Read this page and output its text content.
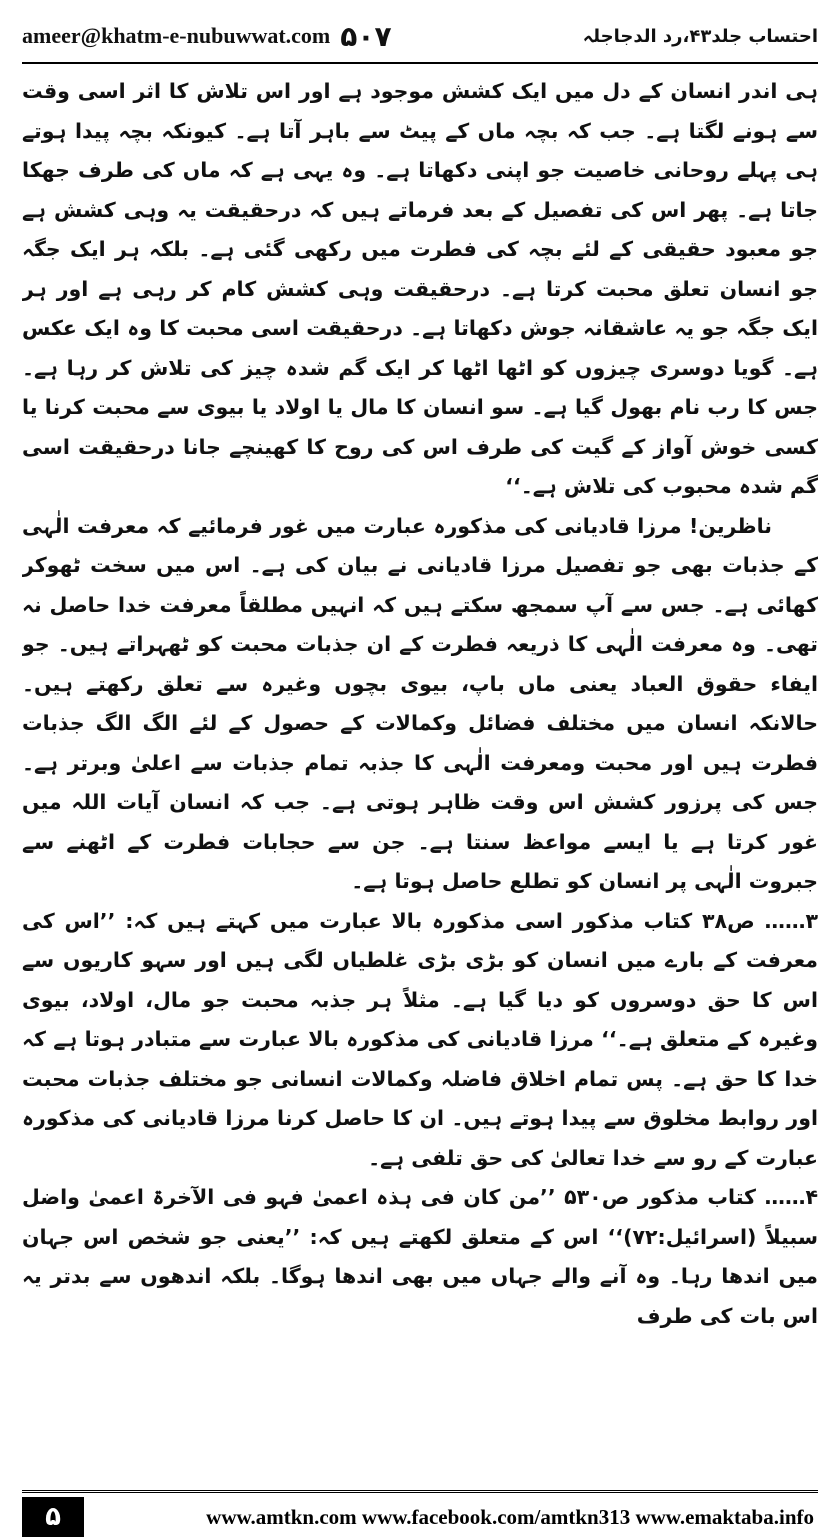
ameer@khatm-e-nubuwwat.com ۵۰۷	احتساب جلد۴۳،رد الدجاجلہ

ہی اندر انسان کے دل میں ایک کشش موجود ہے اور اس تلاش کا اثر اسی وقت سے ہونے لگتا ہے۔ جب کہ بچہ ماں کے پیٹ سے باہر آتا ہے۔ کیونکہ بچہ پیدا ہوتے ہی پہلے روحانی خاصیت جو اپنی دکھاتا ہے۔ وہ یہی ہے کہ ماں کی طرف جھکا جاتا ہے۔ پھر اس کی تفصیل کے بعد فرماتے ہیں کہ درحقیقت یہ وہی کشش ہے جو معبود حقیقی کے لئے بچہ کی فطرت میں رکھی گئی ہے۔ بلکہ ہر ایک جگہ جو انسان تعلق محبت کرتا ہے۔ درحقیقت وہی کشش کام کر رہی ہے اور ہر ایک جگہ جو یہ عاشقانہ جوش دکھاتا ہے۔ درحقیقت اسی محبت کا وہ ایک عکس ہے۔ گویا دوسری چیزوں کو اٹھا اٹھا کر ایک گم شدہ چیز کی تلاش کر رہا ہے۔ جس کا رب نام بھول گیا ہے۔ سو انسان کا مال یا اولاد یا بیوی سے محبت کرنا یا کسی خوش آواز کے گیت کی طرف اس کی روح کا کھینچے جانا درحقیقت اسی گم شدہ محبوب کی تلاش ہے۔‘‘

ناظرین! مرزا قادیانی کی مذکورہ عبارت میں غور فرمائیے کہ معرفت الٰہی کے جذبات بھی جو تفصیل مرزا قادیانی نے بیان کی ہے۔ اس میں سخت ٹھوکر کھائی ہے۔ جس سے آپ سمجھ سکتے ہیں کہ انہیں مطلقاً معرفت خدا حاصل نہ تھی۔ وہ معرفت الٰہی کا ذریعہ فطرت کے ان جذبات محبت کو ٹھہراتے ہیں۔ جو ایفاء حقوق العباد یعنی ماں باپ، بیوی بچوں وغیرہ سے تعلق رکھتے ہیں۔ حالانکہ انسان میں مختلف فضائل وکمالات کے حصول کے لئے الگ الگ جذبات فطرت ہیں اور محبت ومعرفت الٰہی کا جذبہ تمام جذبات سے اعلیٰ وبرتر ہے۔ جس کی پرزور کشش اس وقت ظاہر ہوتی ہے۔ جب کہ انسان آیات اللہ میں غور کرتا ہے یا ایسے مواعظ سنتا ہے۔ جن سے حجابات فطرت کے اٹھنے سے جبروت الٰہی پر انسان کو تطلع حاصل ہوتا ہے۔

۳…… ص۳۸ کتاب مذکور اسی مذکورہ بالا عبارت میں کہتے ہیں کہ: ’’اس کی معرفت کے بارے میں انسان کو بڑی بڑی غلطیاں لگی ہیں اور سہو کاریوں سے اس کا حق دوسروں کو دیا گیا ہے۔ مثلاً ہر جذبہ محبت جو مال، اولاد، بیوی وغیرہ کے متعلق ہے۔‘‘ مرزا قادیانی کی مذکورہ بالا عبارت سے متبادر ہوتا ہے کہ خدا کا حق ہے۔ پس تمام اخلاق فاضلہ وکمالات انسانی جو مختلف جذبات محبت اور روابط مخلوق سے پیدا ہوتے ہیں۔ ان کا حاصل کرنا مرزا قادیانی کی مذکورہ عبارت کے رو سے خدا تعالیٰ کی حق تلفی ہے۔

۴…… کتاب مذکور ص۵۳۰ ’’من کان فی ہذہ اعمیٰ فہو فی الآخرۃ اعمیٰ واضل سبیلاً (اسرائیل:۷۲)‘‘ اس کے متعلق لکھتے ہیں کہ: ’’یعنی جو شخص اس جہان میں اندھا رہا۔ وہ آنے والے جہاں میں بھی اندھا ہوگا۔ بلکہ اندھوں سے بدتر یہ اس بات کی طرف

۵	www.amtkn.com www.facebook.com/amtkn313 www.emaktaba.info
